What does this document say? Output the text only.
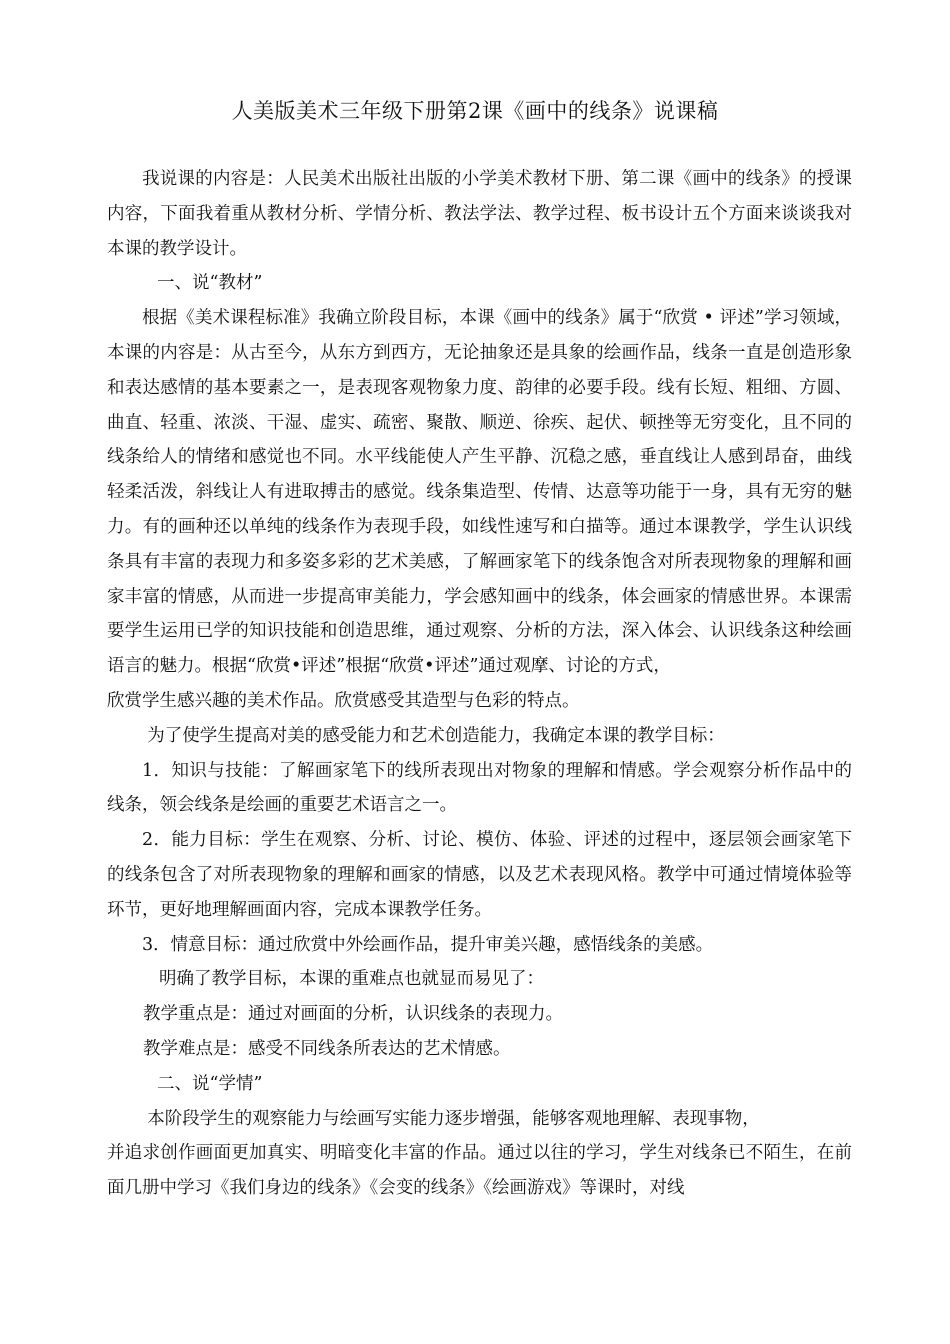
人美版美术三年级下册第2课《画中的线条》说课稿

我说课的内容是：人民美术出版社出版的小学美术教材下册、第二课《画中的线条》的授课内容，下面我着重从教材分析、学情分析、教法学法、教学过程、板书设计五个方面来谈谈我对本课的教学设计。

一、说“教材”

根据《美术课程标准》我确立阶段目标，本课《画中的线条》属于“欣赏 • 评述”学习领域，本课的内容是：从古至今，从东方到西方，无论抽象还是具象的绘画作品，线条一直是创造形象和表达感情的基本要素之一，是表现客观物象力度、韵律的必要手段。线有长短、粗细、方圆、曲直、轻重、浓淡、干湿、虚实、疏密、聚散、顺逆、徐疾、起伏、顿挫等无穷变化，且不同的线条给人的情绪和感觉也不同。水平线能使人产生平静、沉稳之感，垂直线让人感到昂奋，曲线轻柔活泼，斜线让人有进取搏击的感觉。线条集造型、传情、达意等功能于一身，具有无穷的魅力。有的画种还以单纯的线条作为表现手段，如线性速写和白描等。通过本课教学，学生认识线条具有丰富的表现力和多姿多彩的艺术美感，了解画家笔下的线条饱含对所表现物象的理解和画家丰富的情感，从而进一步提高审美能力，学会感知画中的线条，体会画家的情感世界。本课需要学生运用已学的知识技能和创造思维，通过观察、分析的方法，深入体会、认识线条这种绘画语言的魅力。根据“欣赏•评述”根据“欣赏•评述”通过观摩、讨论的方式，

欣赏学生感兴趣的美术作品。欣赏感受其造型与色彩的特点。

为了使学生提高对美的感受能力和艺术创造能力，我确定本课的教学目标：

1．知识与技能：了解画家笔下的线所表现出对物象的理解和情感。学会观察分析作品中的线条，领会线条是绘画的重要艺术语言之一。

2．能力目标：学生在观察、分析、讨论、模仿、体验、评述的过程中，逐层领会画家笔下的线条包含了对所表现物象的理解和画家的情感，以及艺术表现风格。教学中可通过情境体验等环节，更好地理解画面内容，完成本课教学任务。

3．情意目标：通过欣赏中外绘画作品，提升审美兴趣，感悟线条的美感。

明确了教学目标，本课的重难点也就显而易见了：

教学重点是：通过对画面的分析，认识线条的表现力。

教学难点是：感受不同线条所表达的艺术情感。

二、说“学情”

本阶段学生的观察能力与绘画写实能力逐步增强，能够客观地理解、表现事物，

并追求创作画面更加真实、明暗变化丰富的作品。通过以往的学习，学生对线条已不陌生，在前面几册中学习《我们身边的线条》《会变的线条》《绘画游戏》等课时，对线
